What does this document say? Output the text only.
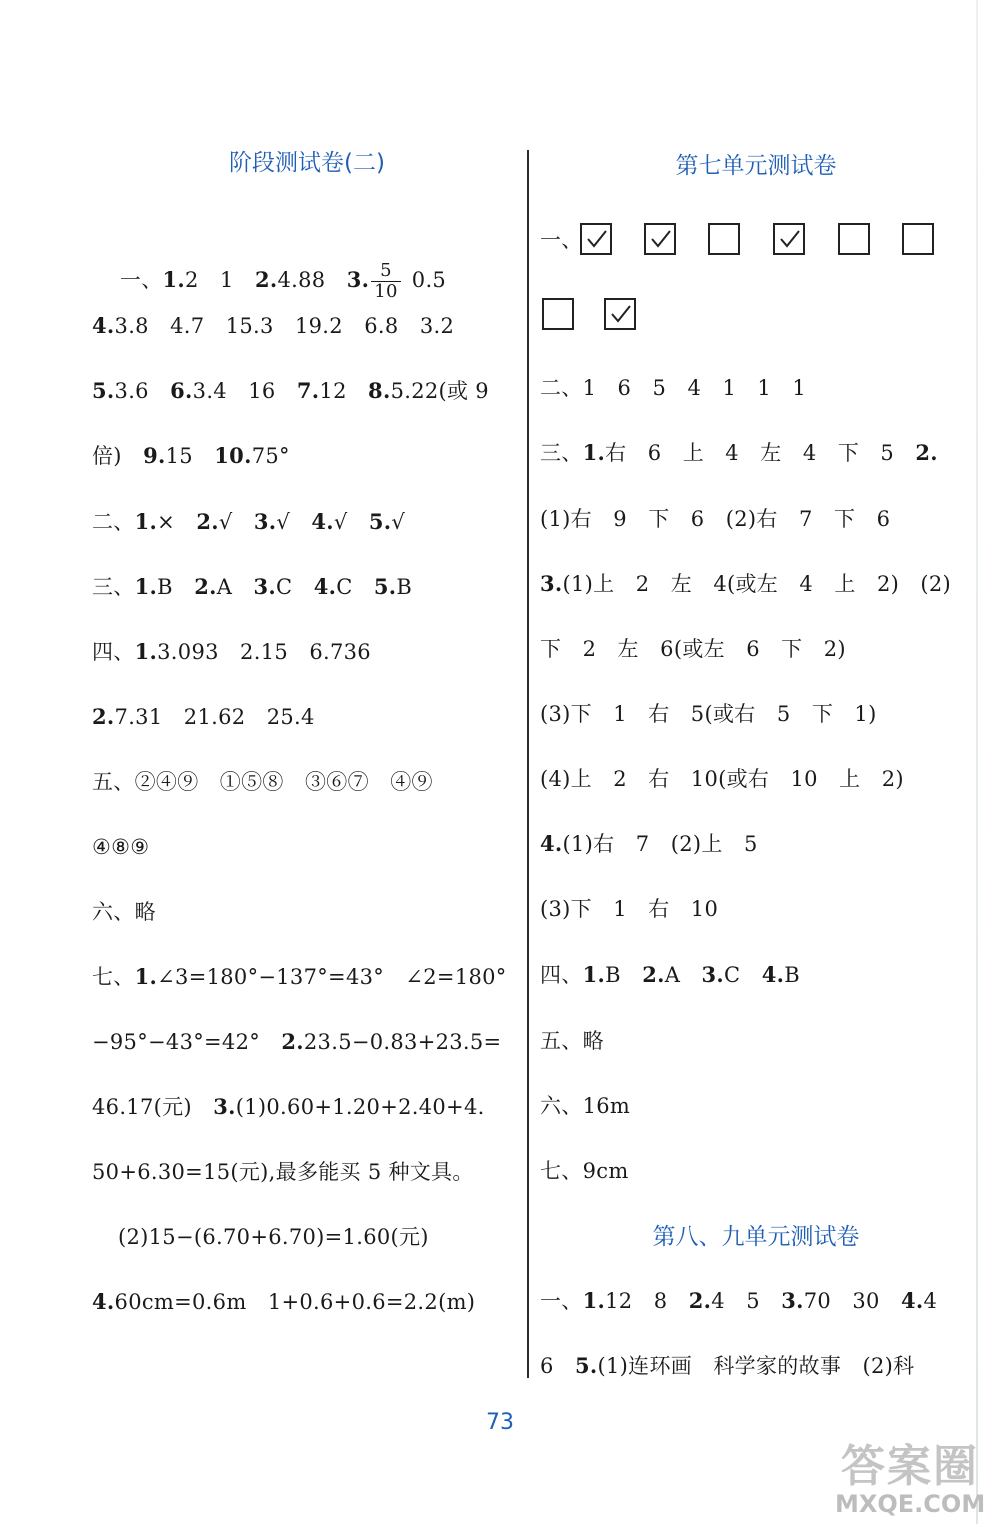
阶段测试卷(二)

一、1.2　1　2.4.88　3. $\frac{5}{10} 0.5$

4.3.8　4.7　15.3　19.2　6.8　3.2
5.3.6　6.3.4　16　7.12　8.5.22(或 9
倍)　9.15　10.75°
二、1.×　2.√　3.√　4.√　5.√
三、1.B　2.A　3.C　4.C　5.B
四、1.3.093　2.15　6.736
2.7.31　21.62　25.4
五、②④⑨　①⑤⑧　③⑥⑦　④⑨
④⑧⑨
六、略
七、1.∠3=180°−137°=43°　∠2=180°
−95°−43°=42°　2.23.5−0.83+23.5=
46.17(元)　3.(1)0.60+1.20+2.40+4.
50+6.30=15(元),最多能买 5 种文具。
(2)15−(6.70+6.70)=1.60(元)
4.60cm=0.6m　1+0.6+0.6=2.2(m)
第七单元测试卷
一、
二、1　6　5　4　1　1　1
三、1.右　6　上　4　左　4　下　5　2.
(1)右　9　下　6　(2)右　7　下　6
3.(1)上　2　左　4(或左　4　上　2)　(2)
下　2　左　6(或左　6　下　2)
(3)下　1　右　5(或右　5　下　1)
(4)上　2　右　10(或右　10　上　2)
4.(1)右　7　(2)上　5
(3)下　1　右　10
四、1.B　2.A　3.C　4.B
五、略
六、16m
七、9cm
第八、九单元测试卷
一、1.12　8　2.4　5　3.70　30　4.4
6　5.(1)连环画　科学家的故事　(2)科
73
答案圈
MXQE.COM
